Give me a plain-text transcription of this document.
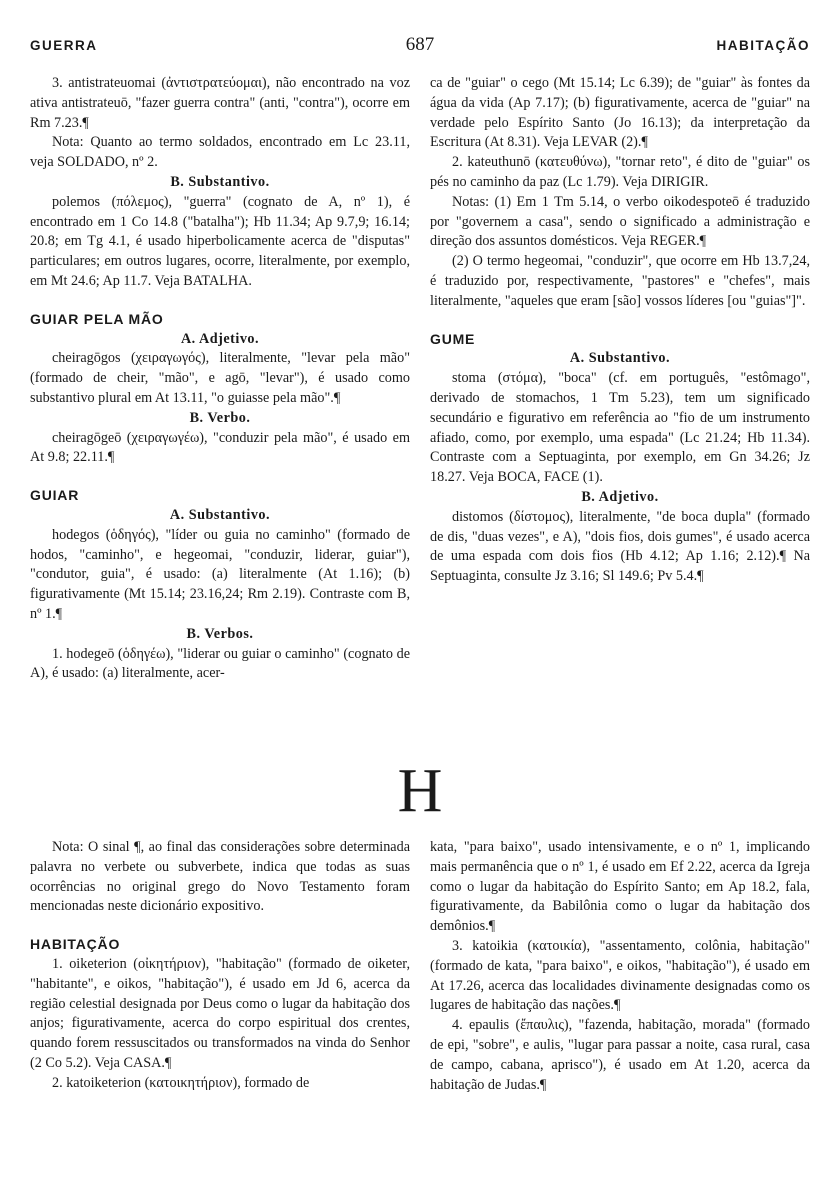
GUERRA	687	HABITAÇÃO

3. antistrateuomai (ἀντιστρατεύομαι), não encontrado na voz ativa antistrateuō, "fazer guerra contra" (anti, "contra"), ocorre em Rm 7.23.¶

Nota: Quanto ao termo soldados, encontrado em Lc 23.11, veja SOLDADO, nº 2.

B. Substantivo.

polemos (πόλεμος), "guerra" (cognato de A, nº 1), é encontrado em 1 Co 14.8 ("batalha"); Hb 11.34; Ap 9.7,9; 16.14; 20.8; em Tg 4.1, é usado hiperbolicamente acerca de "disputas" particulares; em outros lugares, ocorre, literalmente, por exemplo, em Mt 24.6; Ap 11.7. Veja BATALHA.

GUIAR PELA MÃO

A. Adjetivo.

cheiragōgos (χειραγωγός), literalmente, "levar pela mão" (formado de cheir, "mão", e agō, "levar"), é usado como substantivo plural em At 13.11, "o guiasse pela mão".¶

B. Verbo.

cheiragōgeō (χειραγωγέω), "conduzir pela mão", é usado em At 9.8; 22.11.¶

GUIAR

A. Substantivo.

hodegos (ὁδηγός), "líder ou guia no caminho" (formado de hodos, "caminho", e hegeomai, "conduzir, liderar, guiar"), "condutor, guia", é usado: (a) literalmente (At 1.16); (b) figurativamente (Mt 15.14; 23.16,24; Rm 2.19). Contraste com B, nº 1.¶

B. Verbos.

1. hodegeō (ὁδηγέω), "liderar ou guiar o caminho" (cognato de A), é usado: (a) literalmente, acer-

ca de "guiar" o cego (Mt 15.14; Lc 6.39); de "guiar" às fontes da água da vida (Ap 7.17); (b) figurativamente, acerca de "guiar" na verdade pelo Espírito Santo (Jo 16.13); da interpretação da Escritura (At 8.31). Veja LEVAR (2).¶

2. kateuthunō (κατευθύνω), "tornar reto", é dito de "guiar" os pés no caminho da paz (Lc 1.79). Veja DIRIGIR.

Notas: (1) Em 1 Tm 5.14, o verbo oikodespoteō é traduzido por "governem a casa", sendo o significado a administração e direção dos assuntos domésticos. Veja REGER.¶

(2) O termo hegeomai, "conduzir", que ocorre em Hb 13.7,24, é traduzido por, respectivamente, "pastores" e "chefes", mais literalmente, "aqueles que eram [são] vossos líderes [ou "guias"]".

GUME

A. Substantivo.

stoma (στόμα), "boca" (cf. em português, "estômago", derivado de stomachos, 1 Tm 5.23), tem um significado secundário e figurativo em referência ao "fio de um instrumento afiado, como, por exemplo, uma espada" (Lc 21.24; Hb 11.34). Contraste com a Septuaginta, por exemplo, em Gn 34.26; Jz 18.27. Veja BOCA, FACE (1).

B. Adjetivo.

distomos (δίστομος), literalmente, "de boca dupla" (formado de dis, "duas vezes", e A), "dois fios, dois gumes", é usado acerca de uma espada com dois fios (Hb 4.12; Ap 1.16; 2.12).¶ Na Septuaginta, consulte Jz 3.16; Sl 149.6; Pv 5.4.¶

H

Nota: O sinal ¶, ao final das considerações sobre determinada palavra no verbete ou subverbete, indica que todas as suas ocorrências no original grego do Novo Testamento foram mencionadas neste dicionário expositivo.

HABITAÇÃO

1. oiketerion (οἰκητήριον), "habitação" (formado de oiketer, "habitante", e oikos, "habitação"), é usado em Jd 6, acerca da região celestial designada por Deus como o lugar da habitação dos anjos; figurativamente, acerca do corpo espiritual dos crentes, quando forem ressuscitados ou transformados na vinda do Senhor (2 Co 5.2). Veja CASA.¶

2. katoiketerion (κατοικητήριον), formado de

kata, "para baixo", usado intensivamente, e o nº 1, implicando mais permanência que o nº 1, é usado em Ef 2.22, acerca da Igreja como o lugar da habitação do Espírito Santo; em Ap 18.2, fala, figurativamente, da Babilônia como o lugar da habitação dos demônios.¶

3. katoikia (κατοικία), "assentamento, colônia, habitação" (formado de kata, "para baixo", e oikos, "habitação"), é usado em At 17.26, acerca das localidades divinamente designadas como os lugares de habitação das nações.¶

4. epaulis (ἔπαυλις), "fazenda, habitação, morada" (formado de epi, "sobre", e aulis, "lugar para passar a noite, casa rural, casa de campo, cabana, aprisco"), é usado em At 1.20, acerca da habitação de Judas.¶
